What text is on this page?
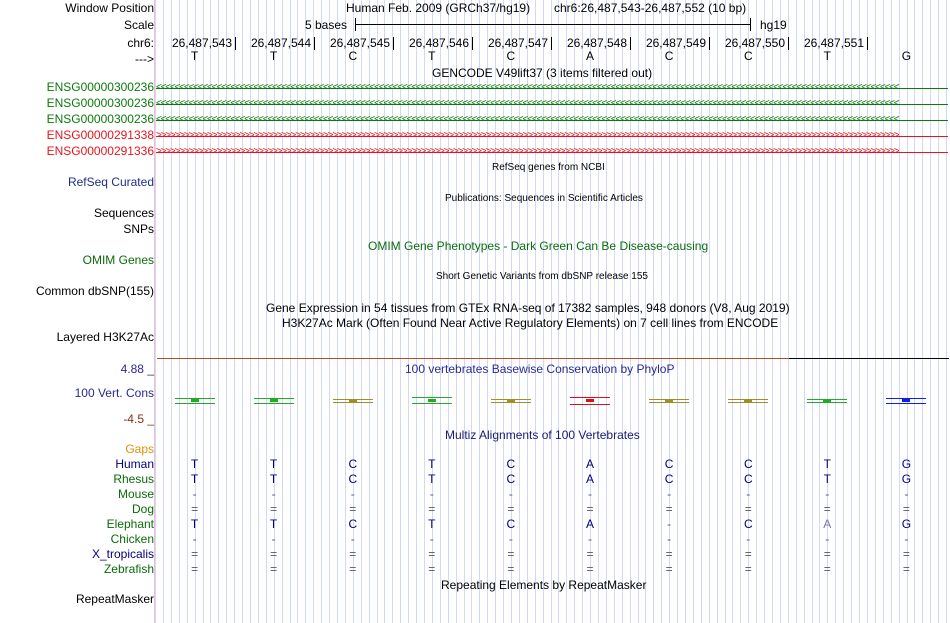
Window Position
Scale
chr6:
--->
ENSG00000300236
ENSG00000300236
ENSG00000300236
ENSG00000291338
ENSG00000291336
RefSeq Curated
Sequences
SNPs
OMIM Genes
Common dbSNP(155)
Layered H3K27Ac
4.88 _
100 Vert. Cons
-4.5 _
Gaps
Human
Rhesus
Mouse
Dog
Elephant
Chicken
X_tropicalis
Zebrafish
RepeatMasker
Human Feb. 2009 (GRCh37/hg19) chr6:26,487,543-26,487,552 (10 bp)
5 bases	hg19
26,487,543 26,487,544 26,487,545 26,487,546 26,487,547 26,487,548 26,487,549 26,487,550 26,487,551
T	T	C	T	C	A	C	C	T	G
GENCODE V49lift37 (3 items filtered out)
<<<<<<<<<<<<<<<<<<<<<<<<<<<<<<<<<<<<<<<<<<<<<<<<<<<<<<<<<<<<<<<<<<<<<<<<<<<<<<<<<<<<<<<<<<<<<<<<<<<<<<<<<<<<<<<<<<<<<<<<<<<<<<<<<<<<<<<<<<<<<<<<<<<<<<<<<<<<<<<<
<<<<<<<<<<<<<<<<<<<<<<<<<<<<<<<<<<<<<<<<<<<<<<<<<<<<<<<<<<<<<<<<<<<<<<<<<<<<<<<<<<<<<<<<<<<<<<<<<<<<<<<<<<<<<<<<<<<<<<<<<<<<<<<<<<<<<<<<<<<<<<<<<<<<<<<<<<<<<<<<
<<<<<<<<<<<<<<<<<<<<<<<<<<<<<<<<<<<<<<<<<<<<<<<<<<<<<<<<<<<<<<<<<<<<<<<<<<<<<<<<<<<<<<<<<<<<<<<<<<<<<<<<<<<<<<<<<<<<<<<<<<<<<<<<<<<<<<<<<<<<<<<<<<<<<<<<<<<<<<<<
>>>>>>>>>>>>>>>>>>>>>>>>>>>>>>>>>>>>>>>>>>>>>>>>>>>>>>>>>>>>>>>>>>>>>>>>>>>>>>>>>>>>>>>>>>>>>>>>>>>>>>>>>>>>>>>>>>>>>>>>>>>>>>>>>>>>>>>>>>>>>>>>>>>>>>>>>>>>>>>>
>>>>>>>>>>>>>>>>>>>>>>>>>>>>>>>>>>>>>>>>>>>>>>>>>>>>>>>>>>>>>>>>>>>>>>>>>>>>>>>>>>>>>>>>>>>>>>>>>>>>>>>>>>>>>>>>>>>>>>>>>>>>>>>>>>>>>>>>>>>>>>>>>>>>>>>>>>>>>>>>
RefSeq genes from NCBI
Publications: Sequences in Scientific Articles
OMIM Gene Phenotypes - Dark Green Can Be Disease-causing
Short Genetic Variants from dbSNP release 155
Gene Expression in 54 tissues from GTEx RNA-seq of 17382 samples, 948 donors (V8, Aug 2019)
H3K27Ac Mark (Often Found Near Active Regulatory Elements) on 7 cell lines from ENCODE
100 vertebrates Basewise Conservation by PhyloP
Multiz Alignments of 100 Vertebrates
T	T	C	T	C	A	C	C	T	G
T	T	C	T	C	A	C	C	T	G
-	-	-	-	-	-	-	-	-	-
=	=	=	=	=	=	=	=	=	=
T	T	C	T	C	A	-	C	A	G
-	-	-	-	-	-	-	-	-	-
=	=	=	=	=	=	=	=	=	=
=	=	=	=	=	=	=	=	=	=
Repeating Elements by RepeatMasker
